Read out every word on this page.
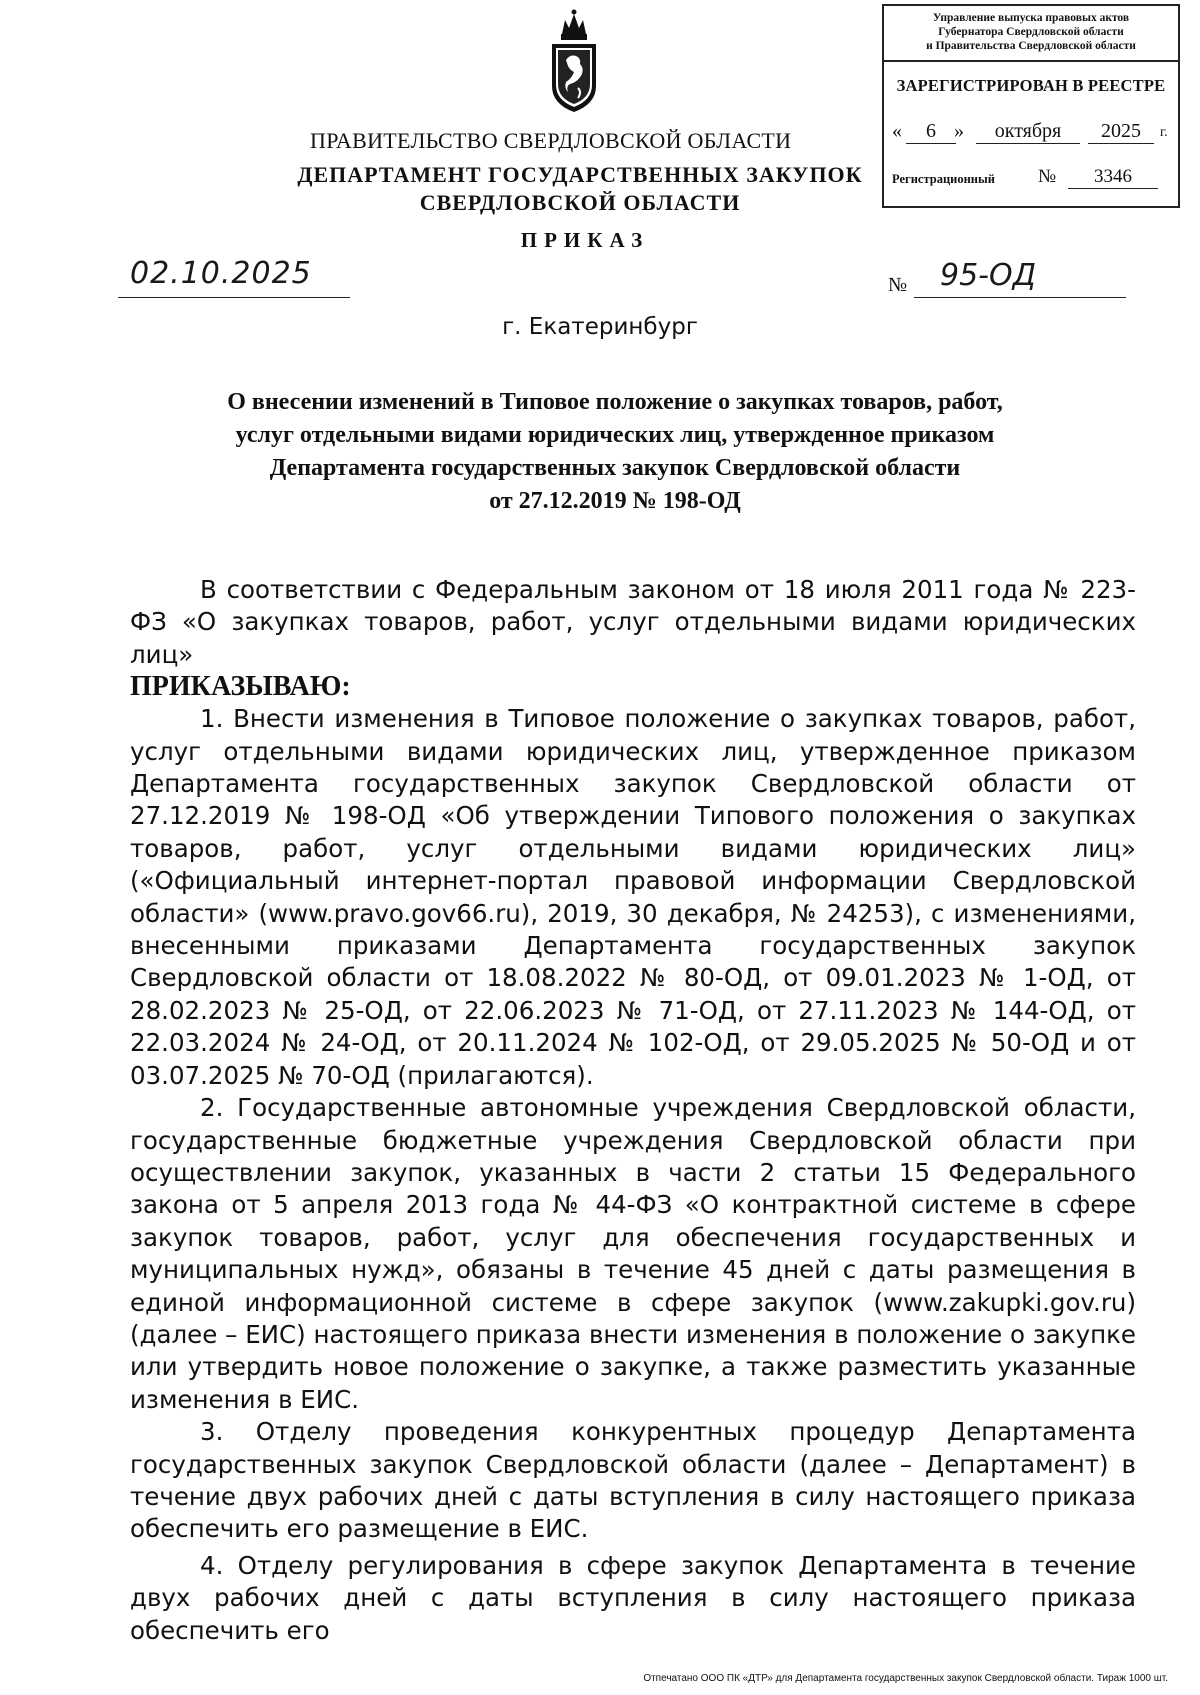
Управление выпуска правовых актов
Губернатора Свердловской области
и Правительства Свердловской области
ЗАРЕГИСТРИРОВАН В РЕЕСТРЕ
«	6 »	октября	2025	г.
Регистрационный №	3346
ПРАВИТЕЛЬСТВО СВЕРДЛОВСКОЙ ОБЛАСТИ
ДЕПАРТАМЕНТ ГОСУДАРСТВЕННЫХ ЗАКУПОК
СВЕРДЛОВСКОЙ ОБЛАСТИ
ПРИКАЗ
02.10.2025	№ 95-ОД
г. Екатеринбург
О внесении изменений в Типовое положение о закупках товаров, работ,
услуг отдельными видами юридических лиц, утвержденное приказом
Департамента государственных закупок Свердловской области
от 27.12.2019 № 198-ОД

В соответствии с Федеральным законом от 18 июля 2011 года № 223-ФЗ «О закупках товаров, работ, услуг отдельными видами юридических лиц»

ПРИКАЗЫВАЮ:

1. Внести изменения в Типовое положение о закупках товаров, работ, услуг отдельными видами юридических лиц, утвержденное приказом Департамента государственных закупок Свердловской области от 27.12.2019 № 198-ОД «Об утверждении Типового положения о закупках товаров, работ, услуг отдельными видами юридических лиц» («Официальный интернет-портал правовой информации Свердловской области» (www.pravo.gov66.ru), 2019, 30 декабря, № 24253), с изменениями, внесенными приказами Департамента государственных закупок Свердловской области от 18.08.2022 № 80-ОД, от 09.01.2023 № 1-ОД, от 28.02.2023 № 25-ОД, от 22.06.2023 № 71-ОД, от 27.11.2023 № 144-ОД, от 22.03.2024 № 24-ОД, от 20.11.2024 № 102-ОД, от 29.05.2025 № 50-ОД и от 03.07.2025 № 70-ОД (прилагаются).

2. Государственные автономные учреждения Свердловской области, государственные бюджетные учреждения Свердловской области при осуществлении закупок, указанных в части 2 статьи 15 Федерального закона от 5 апреля 2013 года № 44-ФЗ «О контрактной системе в сфере закупок товаров, работ, услуг для обеспечения государственных и муниципальных нужд», обязаны в течение 45 дней с даты размещения в единой информационной системе в сфере закупок (www.zakupki.gov.ru) (далее – ЕИС) настоящего приказа внести изменения в положение о закупке или утвердить новое положение о закупке, а также разместить указанные изменения в ЕИС.

3. Отделу проведения конкурентных процедур Департамента государственных закупок Свердловской области (далее – Департамент) в течение двух рабочих дней с даты вступления в силу настоящего приказа обеспечить его размещение в ЕИС.

4. Отделу регулирования в сфере закупок Департамента в течение двух рабочих дней с даты вступления в силу настоящего приказа обеспечить его

Отпечатано ООО ПК «ДТР» для Департамента государственных закупок Свердловской области. Тираж 1000 шт.
